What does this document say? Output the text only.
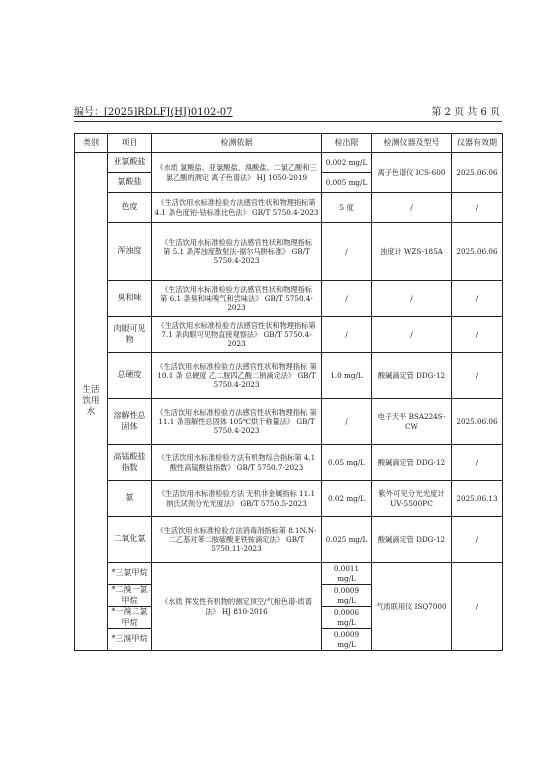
编号：[2025]RDLFJ(HJ)0102-07	第 2 页 共 6 页
类别	项目	检测依据	检出限	检测仪器及型号	仪器有效期
生活饮用水	亚氯酸盐	《水质 氯酸盐、亚氯酸盐、溴酸盐、二氯乙酸和三氯乙酸的测定 离子色谱法》 HJ 1050-2019	0.002 mg/L	离子色谱仪 ICS-600	2025.06.06
	氯酸盐		0.005 mg/L		
	色度	《生活饮用水标准检验方法感官性状和物理指标第 4.1 条色度铂-钴标准比色法》 GB/T 5750.4-2023	5 度	/	/
	浑浊度	《生活饮用水标准检验方法感官性状和物理指标　第 5.1 条浑浊度散射法-福尔马肼标准》 GB/T 5750.4-2023	/	浊度计 WZS-185A	2025.06.06
	臭和味	《生活饮用水标准检验方法感官性状和物理指标　第 6.1 条臭和味嗅气和尝味法》 GB/T 5750.4-2023	/	/	/
	肉眼可见物	《生活饮用水标准检验方法感官性状和物理指标第 7.1 条肉眼可见物直接观察法》 GB/T 5750.4-2023	/	/	/
	总硬度	《生活饮用水标准检验方法感官性状和物理指标 第 10.1 条 总硬度 乙二胺四乙酸二钠滴定法》 GB/T 5750.4-2023	1.0 mg/L	酸碱滴定管 DDG-12	/
	溶解性总固体	《生活饮用水标准检验方法感官性状和物理指标 第 11.1 条溶解性总固体 105℃烘干称量法》 GB/T 5750.4-2023	/	电子天平 BSA224S-CW	2025.06.06
	高锰酸盐指数	《生活饮用水标准检验方法有机物综合指标第 4.1 酸性高锰酸盐指数》 GB/T 5750.7-2023	0.05 mg/L	酸碱滴定管 DDG-12	/
	氨	《生活饮用水标准检验方法 无机非金属指标 11.1 纳氏试剂分光光度法》 GB/T 5750.5-2023	0.02 mg/L	紫外可见分光光度计 UV-5500PC	2025.06.13
	二氧化氯	《生活饮用水标准检验方法消毒剂指标第 8.1N,N-二乙基对苯二胺硫酸亚铁铵滴定法》 GB/T 5750.11-2023	0.025 mg/L	酸碱滴定管 DDG-12	/
	*三氯甲烷	《水质 挥发性有机物的测定顶空/气相色谱-质谱法》 HJ 810-2016	0.0011 mg/L	气质联用仪 ISQ7000	/
	*二溴一氯甲烷		0.0009 mg/L		
	*一溴二氯甲烷		0.0006 mg/L		
	*三溴甲烷		0.0009 mg/L		
